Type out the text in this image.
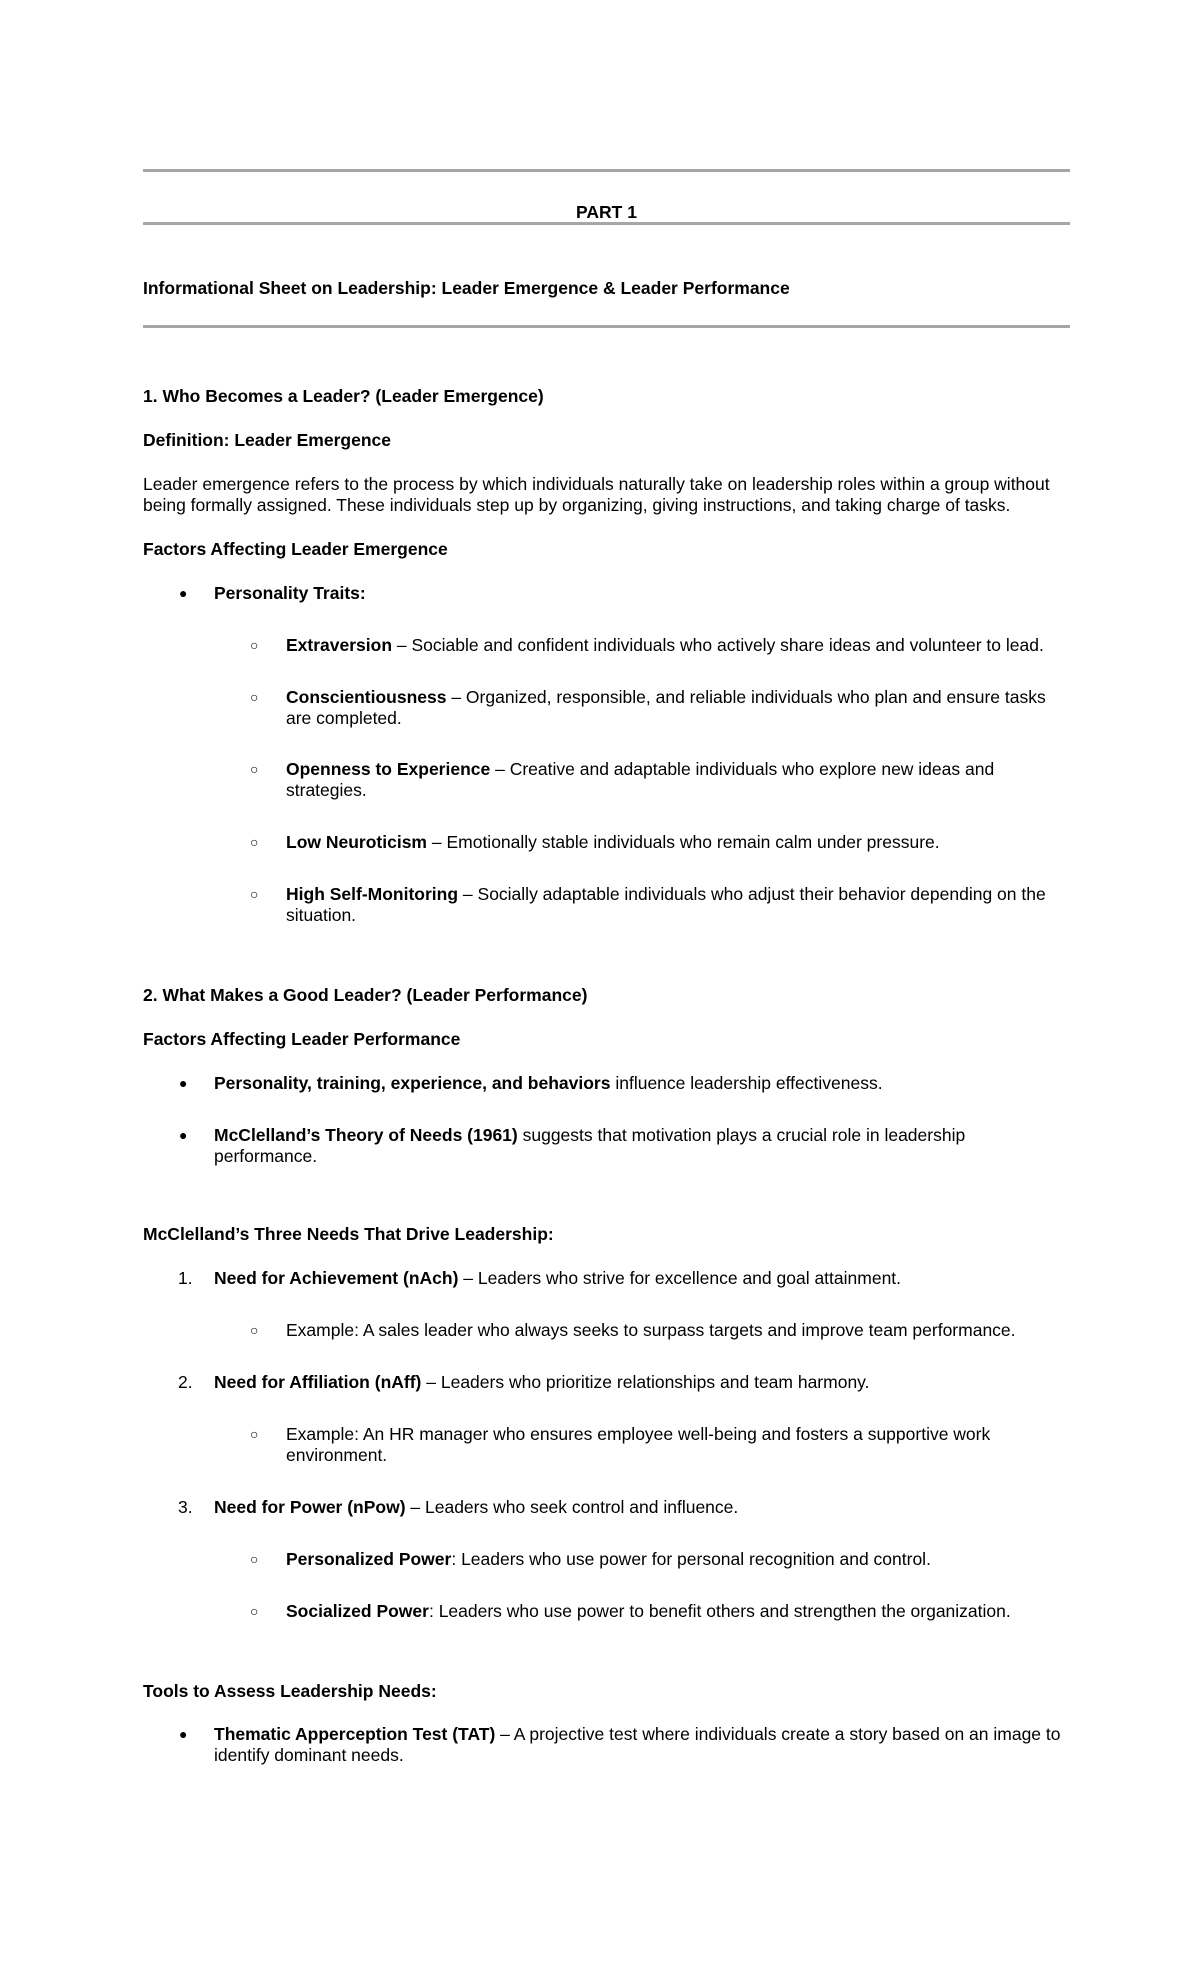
PART 1
Informational Sheet on Leadership: Leader Emergence & Leader Performance
1. Who Becomes a Leader? (Leader Emergence)
Definition: Leader Emergence
Leader emergence refers to the process by which individuals naturally take on leadership roles within a group without being formally assigned. These individuals step up by organizing, giving instructions, and taking charge of tasks.
Factors Affecting Leader Emergence
● Personality Traits:
○ Extraversion – Sociable and confident individuals who actively share ideas and volunteer to lead.
○ Conscientiousness – Organized, responsible, and reliable individuals who plan and ensure tasks are completed.
○ Openness to Experience – Creative and adaptable individuals who explore new ideas and strategies.
○ Low Neuroticism – Emotionally stable individuals who remain calm under pressure.
○ High Self-Monitoring – Socially adaptable individuals who adjust their behavior depending on the situation.
2. What Makes a Good Leader? (Leader Performance)
Factors Affecting Leader Performance
● Personality, training, experience, and behaviors influence leadership effectiveness.
● McClelland’s Theory of Needs (1961) suggests that motivation plays a crucial role in leadership performance.
McClelland’s Three Needs That Drive Leadership:
1. Need for Achievement (nAch) – Leaders who strive for excellence and goal attainment.
○ Example: A sales leader who always seeks to surpass targets and improve team performance.
2. Need for Affiliation (nAff) – Leaders who prioritize relationships and team harmony.
○ Example: An HR manager who ensures employee well-being and fosters a supportive work environment.
3. Need for Power (nPow) – Leaders who seek control and influence.
○ Personalized Power: Leaders who use power for personal recognition and control.
○ Socialized Power: Leaders who use power to benefit others and strengthen the organization.
Tools to Assess Leadership Needs:
● Thematic Apperception Test (TAT) – A projective test where individuals create a story based on an image to identify dominant needs.
